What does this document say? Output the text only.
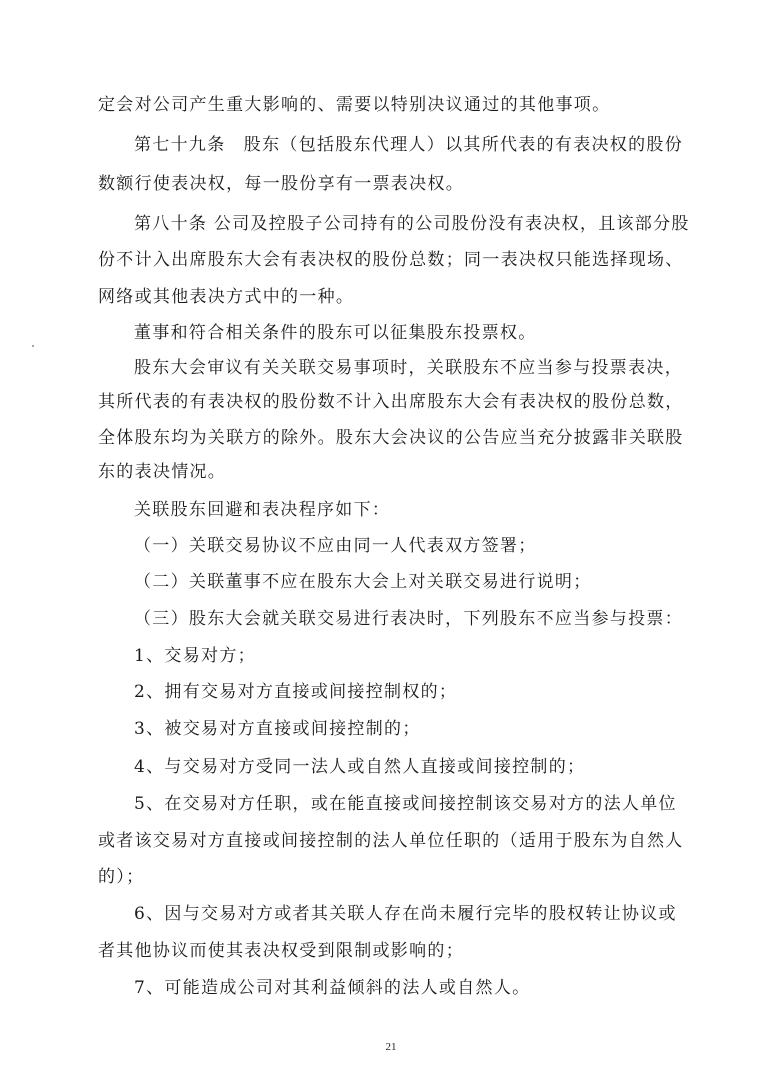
定会对公司产生重大影响的、需要以特别决议通过的其他事项。
第七十九条　股东（包括股东代理人）以其所代表的有表决权的股份
数额行使表决权，每一股份享有一票表决权。
第八十条 公司及控股子公司持有的公司股份没有表决权，且该部分股
份不计入出席股东大会有表决权的股份总数；同一表决权只能选择现场、
网络或其他表决方式中的一种。
董事和符合相关条件的股东可以征集股东投票权。
股东大会审议有关关联交易事项时，关联股东不应当参与投票表决，
其所代表的有表决权的股份数不计入出席股东大会有表决权的股份总数，
全体股东均为关联方的除外。股东大会决议的公告应当充分披露非关联股
东的表决情况。
关联股东回避和表决程序如下：
（一）关联交易协议不应由同一人代表双方签署；
（二）关联董事不应在股东大会上对关联交易进行说明；
（三）股东大会就关联交易进行表决时，下列股东不应当参与投票：
1、交易对方；
2、拥有交易对方直接或间接控制权的；
3、被交易对方直接或间接控制的；
4、与交易对方受同一法人或自然人直接或间接控制的；
5、在交易对方任职，或在能直接或间接控制该交易对方的法人单位
或者该交易对方直接或间接控制的法人单位任职的（适用于股东为自然人
的）；
6、因与交易对方或者其关联人存在尚未履行完毕的股权转让协议或
者其他协议而使其表决权受到限制或影响的；
7、可能造成公司对其利益倾斜的法人或自然人。
21
